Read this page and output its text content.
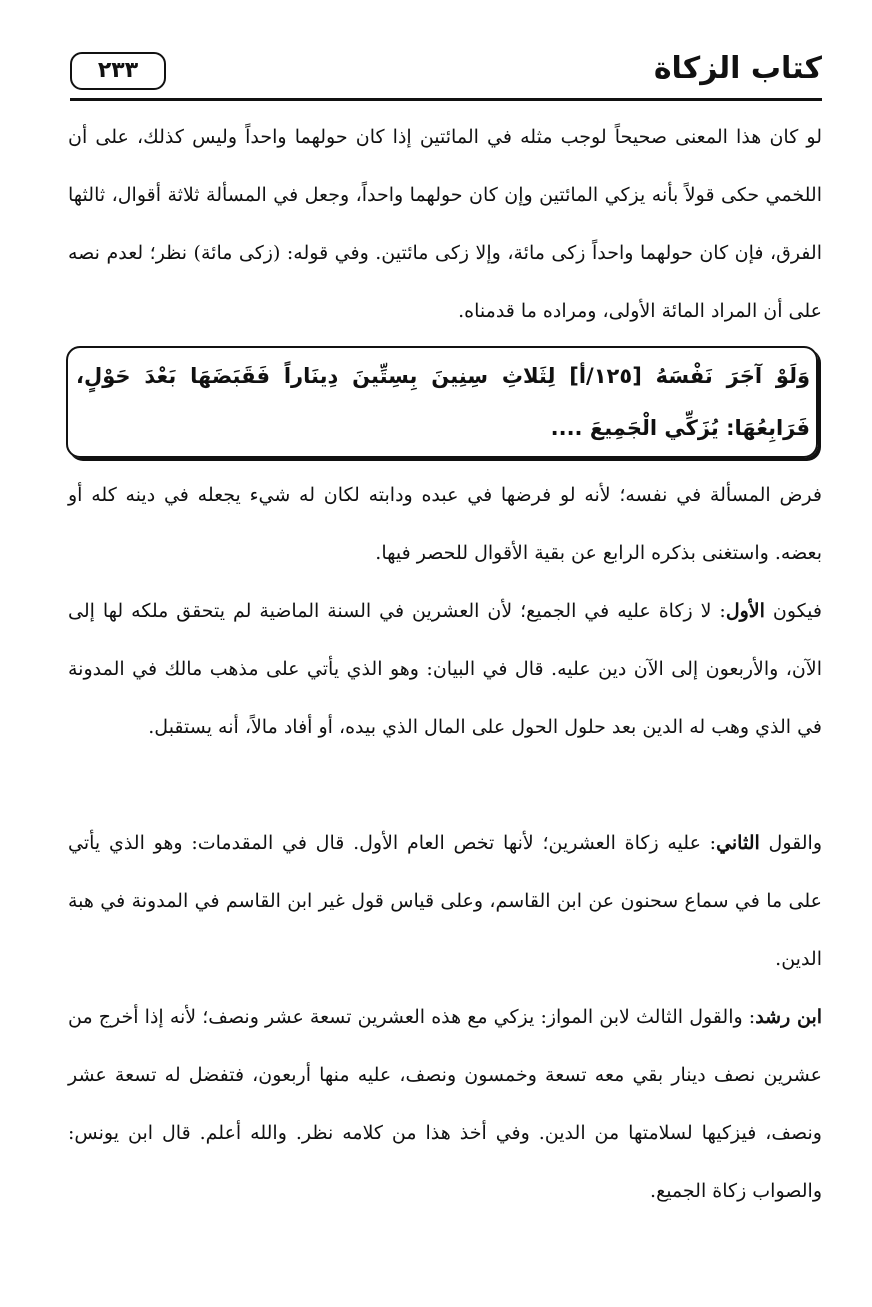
٢٣٣	كتاب الزكاة
لو كان هذا المعنى صحيحاً لوجب مثله في المائتين إذا كان حولهما واحداً وليس كذلك، على أن اللخمي حكى قولاً بأنه يزكي المائتين وإن كان حولهما واحداً، وجعل في المسألة ثلاثة أقوال، ثالثها الفرق، فإن كان حولهما واحداً زكى مائة، وإلا زكى مائتين. وفي قوله: (زكى مائة) نظر؛ لعدم نصه على أن المراد المائة الأولى، ومراده ما قدمناه.
وَلَوْ آجَرَ نَفْسَهُ [١٢٥/أ] لِثَلاثِ سِنِينَ بِسِتِّينَ دِينَاراً فَقَبَضَهَا بَعْدَ حَوْلٍ، فَرَابِعُهَا: يُزَكِّي الْجَمِيعَ ....
فرض المسألة في نفسه؛ لأنه لو فرضها في عبده ودابته لكان له شيء يجعله في دينه كله أو بعضه. واستغنى بذكره الرابع عن بقية الأقوال للحصر فيها.
فيكون الأول: لا زكاة عليه في الجميع؛ لأن العشرين في السنة الماضية لم يتحقق ملكه لها إلى الآن، والأربعون إلى الآن دين عليه. قال في البيان: وهو الذي يأتي على مذهب مالك في المدونة في الذي وهب له الدين بعد حلول الحول على المال الذي بيده، أو أفاد مالاً، أنه يستقبل.
والقول الثاني: عليه زكاة العشرين؛ لأنها تخص العام الأول. قال في المقدمات: وهو الذي يأتي على ما في سماع سحنون عن ابن القاسم، وعلى قياس قول غير ابن القاسم في المدونة في هبة الدين.
ابن رشد: والقول الثالث لابن المواز: يزكي مع هذه العشرين تسعة عشر ونصف؛ لأنه إذا أخرج من عشرين نصف دينار بقي معه تسعة وخمسون ونصف، عليه منها أربعون، فتفضل له تسعة عشر ونصف، فيزكيها لسلامتها من الدين. وفي أخذ هذا من كلامه نظر. والله أعلم. قال ابن يونس: والصواب زكاة الجميع.
